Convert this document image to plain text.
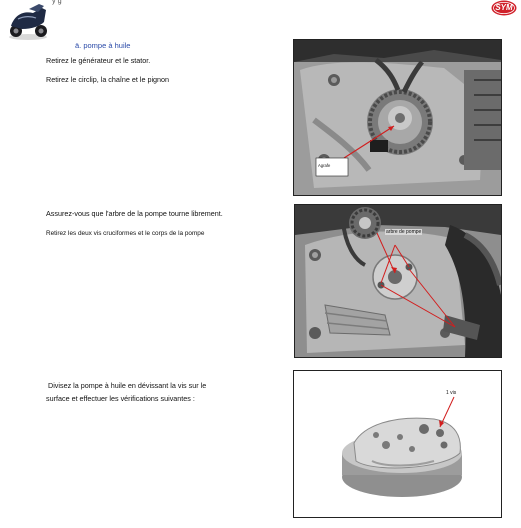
y g
SYM
ä. pompe à huile
Retirez le générateur et le stator.
Retirez le circlip, la chaîne et le pignon
Assurez-vous que l'arbre de la pompe tourne librement.
Retirez les deux vis cruciformes et le corps de la pompe
Divisez la pompe à huile en dévissant la vis sur le
surface et effectuer les vérifications suivantes :
Agrafe
arbre de pompe
1 vis
